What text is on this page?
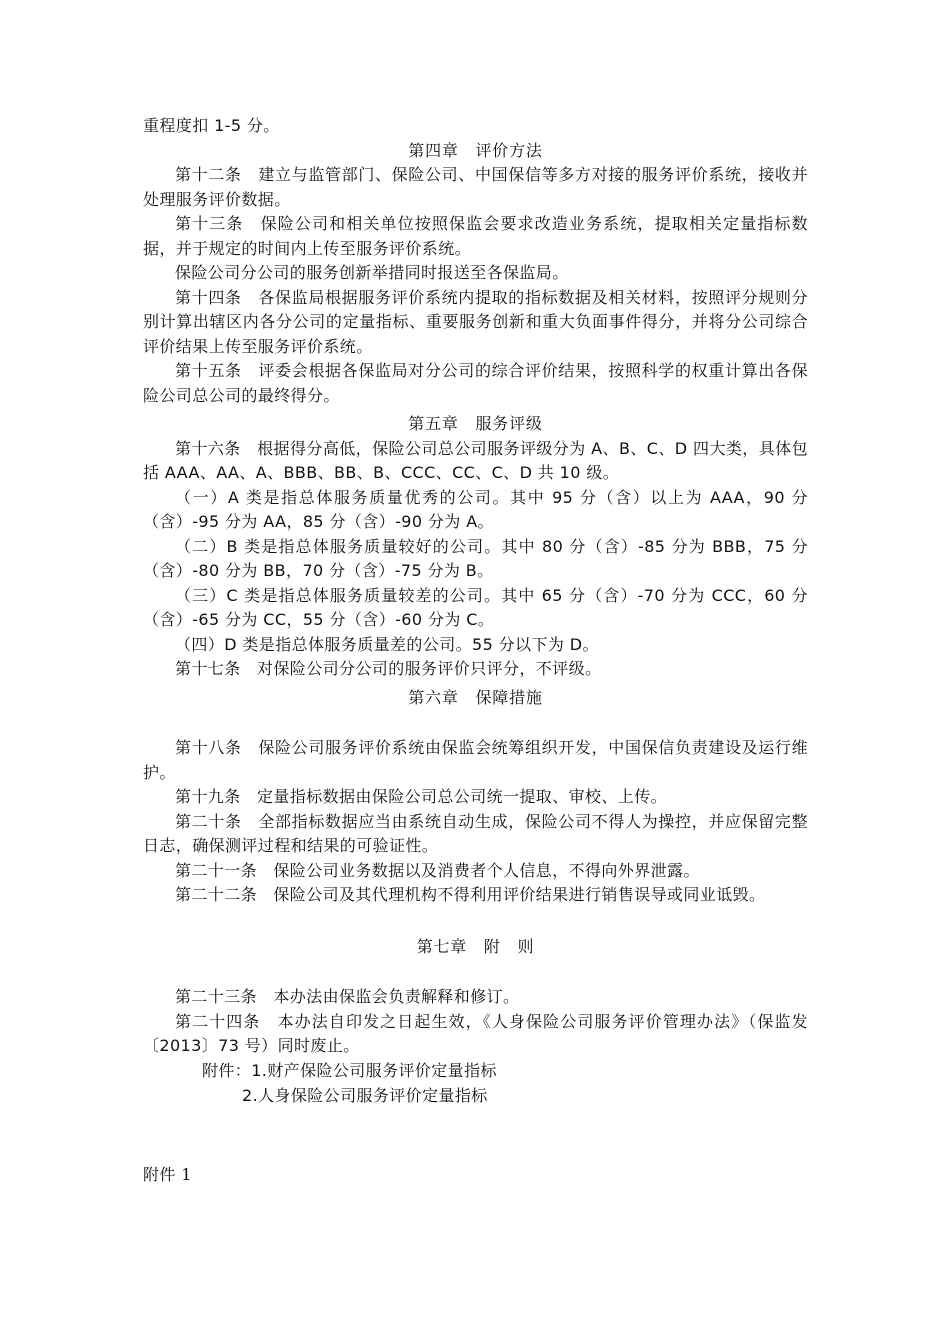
重程度扣 1-5 分。

第四章　评价方法

第十二条　建立与监管部门、保险公司、中国保信等多方对接的服务评价系统，接收并处理服务评价数据。

第十三条　保险公司和相关单位按照保监会要求改造业务系统，提取相关定量指标数据，并于规定的时间内上传至服务评价系统。

保险公司分公司的服务创新举措同时报送至各保监局。

第十四条　各保监局根据服务评价系统内提取的指标数据及相关材料，按照评分规则分别计算出辖区内各分公司的定量指标、重要服务创新和重大负面事件得分，并将分公司综合评价结果上传至服务评价系统。

第十五条　评委会根据各保监局对分公司的综合评价结果，按照科学的权重计算出各保险公司总公司的最终得分。

第五章　服务评级

第十六条　根据得分高低，保险公司总公司服务评级分为 A、B、C、D 四大类，具体包括 AAA、AA、A、BBB、BB、B、CCC、CC、C、D 共 10 级。

（一）A 类是指总体服务质量优秀的公司。其中 95 分（含）以上为 AAA，90 分（含）-95 分为 AA，85 分（含）-90 分为 A。

（二）B 类是指总体服务质量较好的公司。其中 80 分（含）-85 分为 BBB，75 分（含）-80 分为 BB，70 分（含）-75 分为 B。

（三）C 类是指总体服务质量较差的公司。其中 65 分（含）-70 分为 CCC，60 分（含）-65 分为 CC，55 分（含）-60 分为 C。

（四）D 类是指总体服务质量差的公司。55 分以下为 D。

第十七条　对保险公司分公司的服务评价只评分，不评级。

第六章　保障措施

第十八条　保险公司服务评价系统由保监会统筹组织开发，中国保信负责建设及运行维护。

第十九条　定量指标数据由保险公司总公司统一提取、审校、上传。

第二十条　全部指标数据应当由系统自动生成，保险公司不得人为操控，并应保留完整日志，确保测评过程和结果的可验证性。

第二十一条　保险公司业务数据以及消费者个人信息，不得向外界泄露。

第二十二条　保险公司及其代理机构不得利用评价结果进行销售误导或同业诋毁。

第七章　附　则

第二十三条　本办法由保监会负责解释和修订。

第二十四条　本办法自印发之日起生效，《人身保险公司服务评价管理办法》（保监发〔2013〕73 号）同时废止。

附件：1.财产保险公司服务评价定量指标

2.人身保险公司服务评价定量指标

附件 1
